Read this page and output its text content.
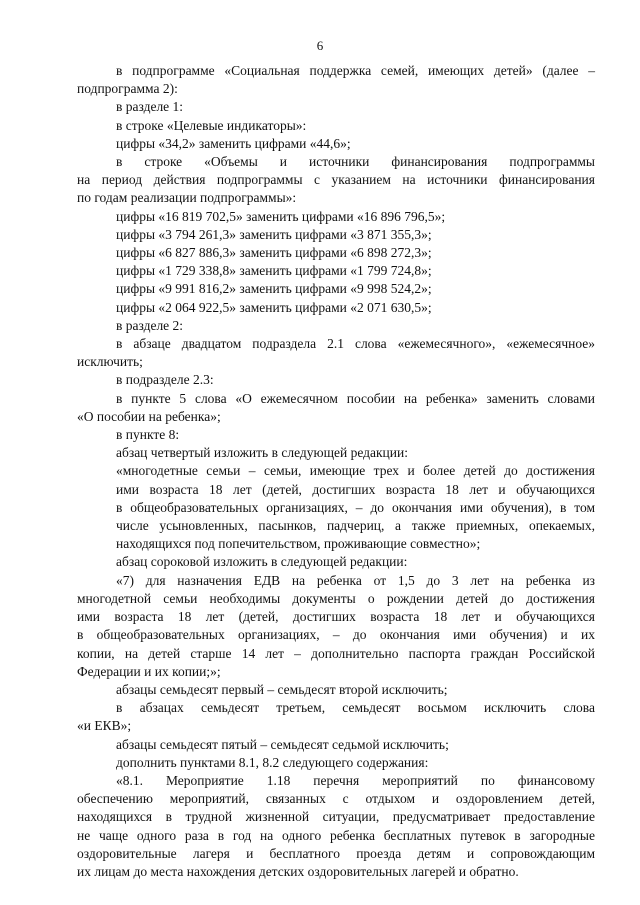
6
в подпрограмме «Социальная поддержка семей, имеющих детей» (далее –
подпрограмма 2):
в разделе 1:
в строке «Целевые индикаторы»:
цифры «34,2» заменить цифрами «44,6»;
в строке «Объемы и источники финансирования подпрограммы
на период действия подпрограммы с указанием на источники финансирования
по годам реализации подпрограммы»:
цифры «16 819 702,5» заменить цифрами «16 896 796,5»;
цифры «3 794 261,3» заменить цифрами «3 871 355,3»;
цифры «6 827 886,3» заменить цифрами «6 898 272,3»;
цифры «1 729 338,8» заменить цифрами «1 799 724,8»;
цифры «9 991 816,2» заменить цифрами «9 998 524,2»;
цифры «2 064 922,5» заменить цифрами «2 071 630,5»;
в разделе 2:
в абзаце двадцатом подраздела 2.1 слова «ежемесячного», «ежемесячное»
исключить;
в подразделе 2.3:
в пункте 5 слова «О ежемесячном пособии на ребенка» заменить словами
«О пособии на ребенка»;
в пункте 8:
абзац четвертый изложить в следующей редакции:
«многодетные семьи – семьи, имеющие трех и более детей до достижения
ими возраста 18 лет (детей, достигших возраста 18 лет и обучающихся
в общеобразовательных организациях, – до окончания ими обучения), в том
числе усыновленных, пасынков, падчериц, а также приемных, опекаемых,
находящихся под попечительством, проживающие совместно»;
абзац сороковой изложить в следующей редакции:
«7) для назначения ЕДВ на ребенка от 1,5 до 3 лет на ребенка из
многодетной семьи необходимы документы о рождении детей до достижения
ими возраста 18 лет (детей, достигших возраста 18 лет и обучающихся
в общеобразовательных организациях, – до окончания ими обучения) и их
копии, на детей старше 14 лет – дополнительно паспорта граждан Российской
Федерации и их копии;»;
абзацы семьдесят первый – семьдесят второй исключить;
в абзацах семьдесят третьем, семьдесят восьмом исключить слова
«и ЕКВ»;
абзацы семьдесят пятый – семьдесят седьмой исключить;
дополнить пунктами 8.1, 8.2 следующего содержания:
«8.1. Мероприятие 1.18 перечня мероприятий по финансовому
обеспечению мероприятий, связанных с отдыхом и оздоровлением детей,
находящихся в трудной жизненной ситуации, предусматривает предоставление
не чаще одного раза в год на одного ребенка бесплатных путевок в загородные
оздоровительные лагеря и бесплатного проезда детям и сопровождающим
их лицам до места нахождения детских оздоровительных лагерей и обратно.
